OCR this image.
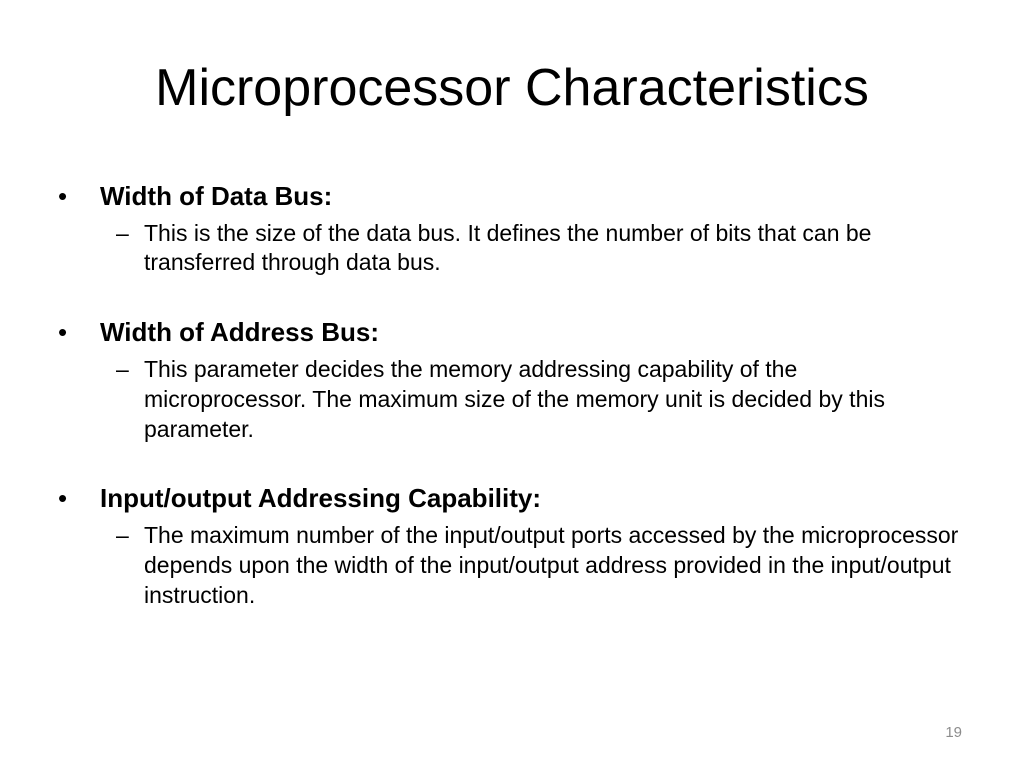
Microprocessor Characteristics
•	Width of Data Bus:
– This is the size of the data bus. It defines the number of bits that can be transferred through data bus.
•	Width of Address Bus:
– This parameter decides the memory addressing capability of the microprocessor. The maximum size of the memory unit is decided by this parameter.
•	Input/output Addressing Capability:
– The maximum number of the input/output ports accessed by the microprocessor depends upon the width of the input/output address provided in the input/output instruction.
19
